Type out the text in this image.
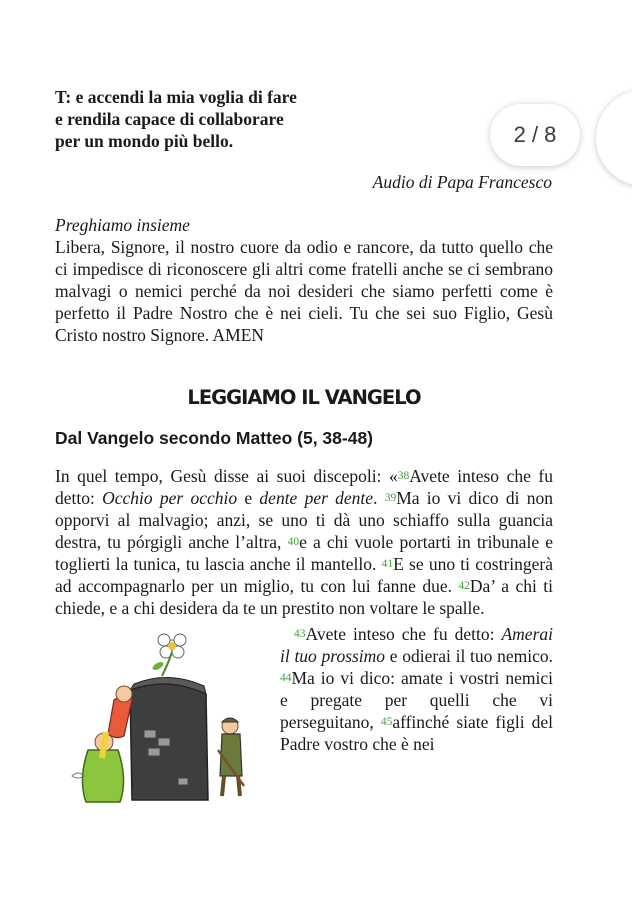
T: e accendi la mia voglia di fare
e rendila capace di collaborare
per un mondo più bello.	2 / 8
Audio di Papa Francesco
Preghiamo insieme
Libera, Signore, il nostro cuore da odio e rancore, da tutto quello che ci impedisce di riconoscere gli altri come fratelli anche se ci sembrano malvagi o nemici perché da noi desideri che siamo perfetti come è perfetto il Padre Nostro che è nei cieli. Tu che sei suo Figlio, Gesù Cristo nostro Signore. AMEN
LEGGIAMO IL VANGELO
Dal Vangelo secondo Matteo (5, 38-48)

In quel tempo, Gesù disse ai suoi discepoli: «38Avete inteso che fu detto: Occhio per occhio e dente per dente. 39Ma io vi dico di non opporvi al malvagio; anzi, se uno ti dà uno schiaffo sulla guancia destra, tu pórgigli anche l’altra, 40e a chi vuole portarti in tribunale e toglierti la tunica, tu lascia anche il mantello. 41E se uno ti costringerà ad accompagnarlo per un miglio, tu con lui fanne due. 42Da’ a chi ti chiede, e a chi desidera da te un prestito non voltare le spalle.

43Avete inteso che fu detto: Amerai il tuo prossimo e odierai il tuo nemico. 44Ma io vi dico: amate i vostri nemici e pregate per quelli che vi perseguitano, 45affinché siate figli del Padre vostro che è nei
